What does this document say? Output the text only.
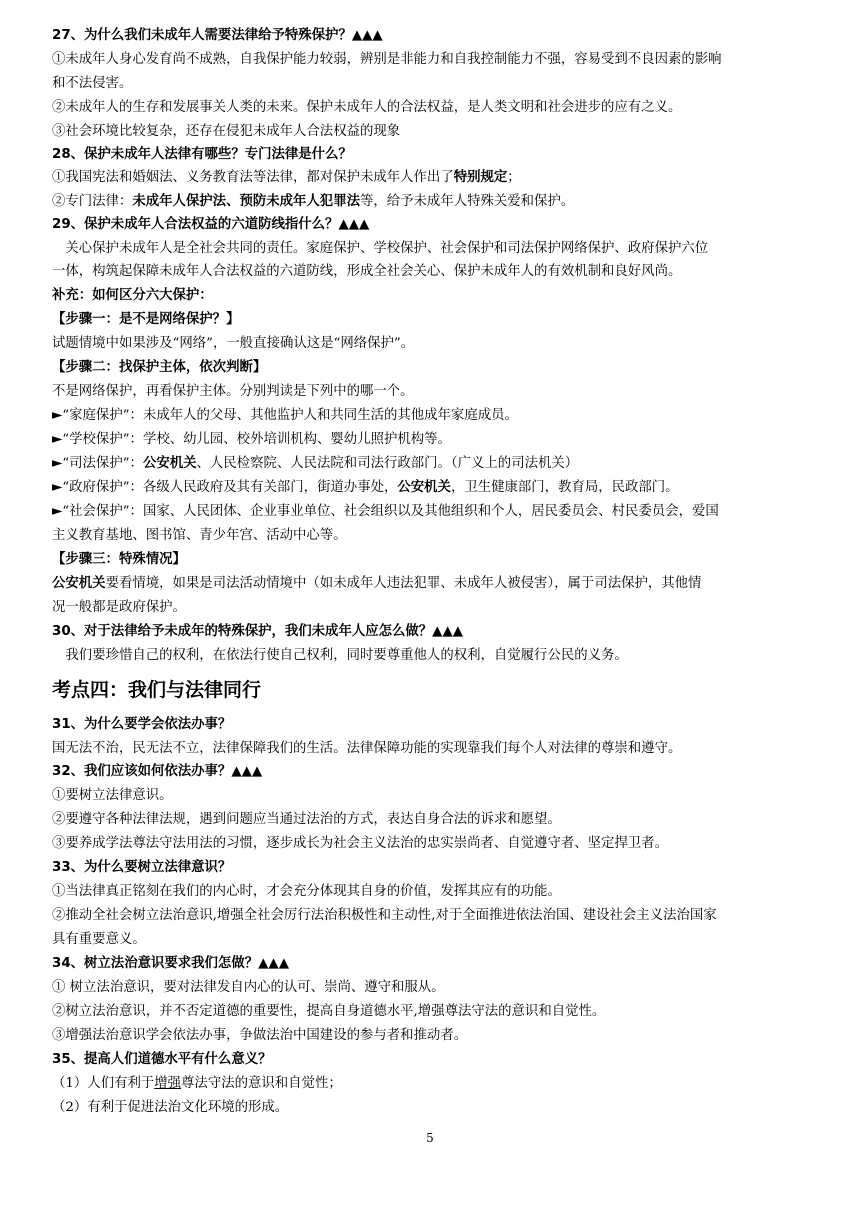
27、为什么我们未成年人需要法律给予特殊保护？▲▲▲
①未成年人身心发育尚不成熟，自我保护能力较弱，辨别是非能力和自我控制能力不强，容易受到不良因素的影响
和不法侵害。
②未成年人的生存和发展事关人类的未来。保护未成年人的合法权益，是人类文明和社会进步的应有之义。
③社会环境比较复杂，还存在侵犯未成年人合法权益的现象
28、保护未成年人法律有哪些？专门法律是什么？
①我国宪法和婚姻法、义务教育法等法律，都对保护未成年人作出了特别规定；
②专门法律：未成年人保护法、预防未成年人犯罪法等，给予未成年人特殊关爱和保护。
29、保护未成年人合法权益的六道防线指什么？▲▲▲
　关心保护未成年人是全社会共同的责任。家庭保护、学校保护、社会保护和司法保护网络保护、政府保护六位
一体，构筑起保障未成年人合法权益的六道防线，形成全社会关心、保护未成年人的有效机制和良好风尚。
补充：如何区分六大保护：
【步骤一：是不是网络保护？】
试题情境中如果涉及“网络”，一般直接确认这是“网络保护”。
【步骤二：找保护主体，依次判断】
不是网络保护，再看保护主体。分别判读是下列中的哪一个。
►“家庭保护”：未成年人的父母、其他监护人和共同生活的其他成年家庭成员。
►“学校保护”：学校、幼儿园、校外培训机构、婴幼儿照护机构等。
►“司法保护”：公安机关、人民检察院、人民法院和司法行政部门。（广义上的司法机关）
►“政府保护”：各级人民政府及其有关部门，街道办事处，公安机关，卫生健康部门，教育局，民政部门。
►“社会保护”：国家、人民团体、企业事业单位、社会组织以及其他组织和个人，居民委员会、村民委员会，爱国
主义教育基地、图书馆、青少年宫、活动中心等。
【步骤三：特殊情况】
公安机关要看情境，如果是司法活动情境中（如未成年人违法犯罪、未成年人被侵害），属于司法保护，其他情
况一般都是政府保护。
30、对于法律给予未成年的特殊保护，我们未成年人应怎么做？▲▲▲
　我们要珍惜自己的权利，在依法行使自己权利，同时要尊重他人的权利，自觉履行公民的义务。
考点四：我们与法律同行
31、为什么要学会依法办事？
国无法不治，民无法不立，法律保障我们的生活。法律保障功能的实现靠我们每个人对法律的尊崇和遵守。
32、我们应该如何依法办事？▲▲▲
①要树立法律意识。
②要遵守各种法律法规，遇到问题应当通过法治的方式，表达自身合法的诉求和愿望。
③要养成学法尊法守法用法的习惯，逐步成长为社会主义法治的忠实崇尚者、自觉遵守者、坚定捍卫者。
33、为什么要树立法律意识？
①当法律真正铭刻在我们的内心时，才会充分体现其自身的价值，发挥其应有的功能。
②推动全社会树立法治意识,增强全社会厉行法治积极性和主动性,对于全面推进依法治国、建设社会主义法治国家
具有重要意义。
34、树立法治意识要求我们怎做？▲▲▲
① 树立法治意识，要对法律发自内心的认可、崇尚、遵守和服从。
②树立法治意识，并不否定道德的重要性，提高自身道德水平,增强尊法守法的意识和自觉性。
③增强法治意识学会依法办事，争做法治中国建设的参与者和推动者。
35、提高人们道德水平有什么意义？
（1）人们有利于增强尊法守法的意识和自觉性；
（2）有利于促进法治文化环境的形成。
5
